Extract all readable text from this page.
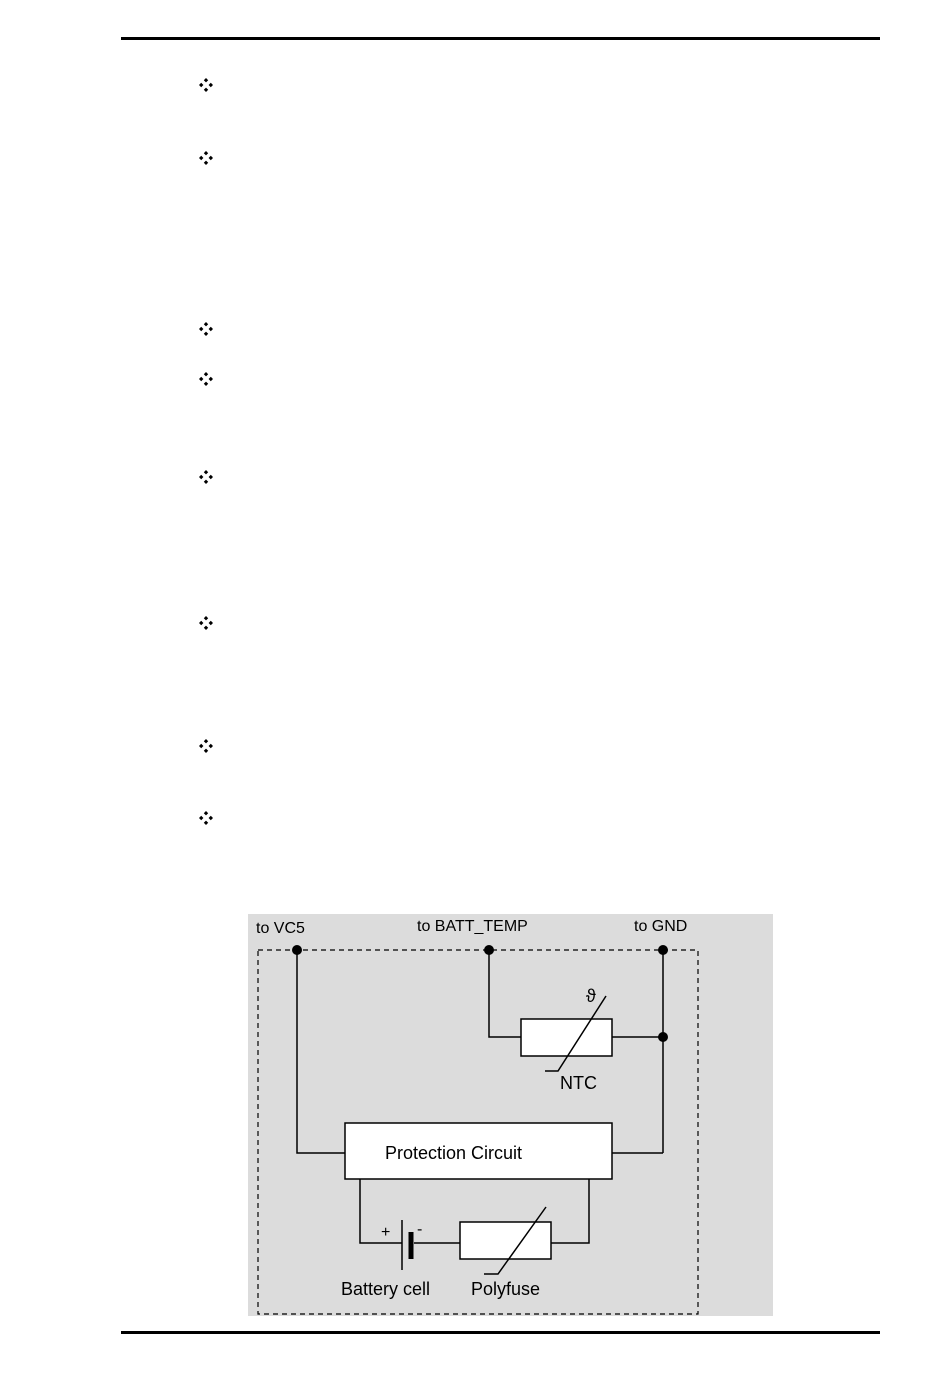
to VC5	to BATT_TEMP	to GND
ϑ
NTC
Protection Circuit
+ -
Battery cell Polyfuse
